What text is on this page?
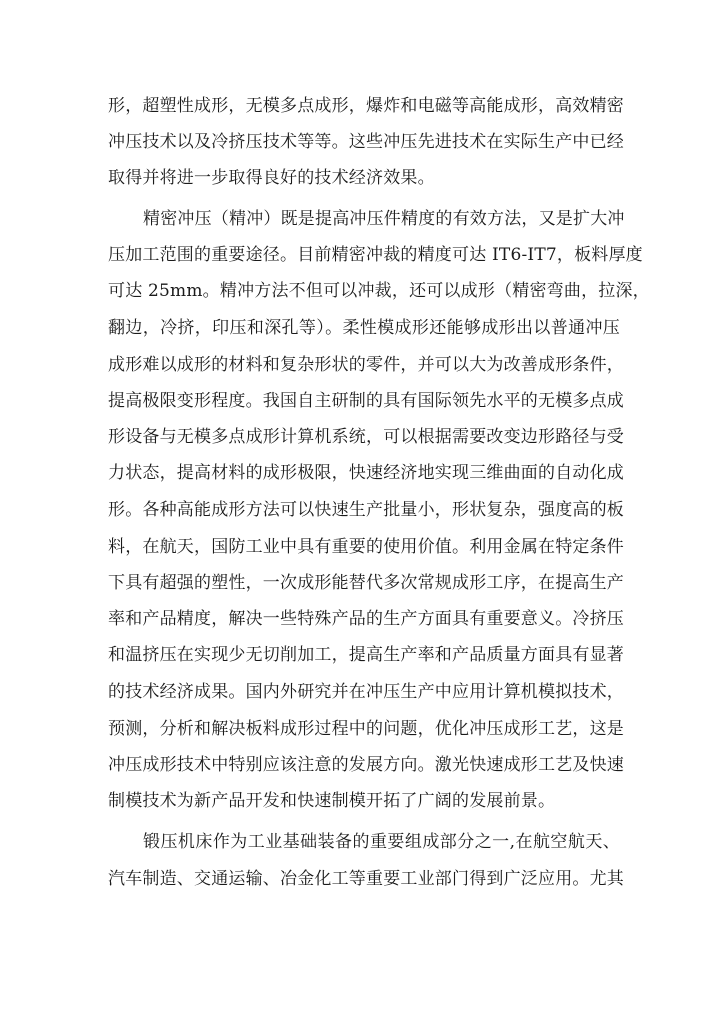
形，超塑性成形，无模多点成形，爆炸和电磁等高能成形，高效精密
冲压技术以及冷挤压技术等等。这些冲压先进技术在实际生产中已经
取得并将进一步取得良好的技术经济效果。
精密冲压（精冲）既是提高冲压件精度的有效方法，又是扩大冲
压加工范围的重要途径。目前精密冲裁的精度可达 IT6-IT7，板料厚度
可达 25mm。精冲方法不但可以冲裁，还可以成形（精密弯曲，拉深，
翻边，冷挤，印压和深孔等）。柔性模成形还能够成形出以普通冲压
成形难以成形的材料和复杂形状的零件，并可以大为改善成形条件，
提高极限变形程度。我国自主研制的具有国际领先水平的无模多点成
形设备与无模多点成形计算机系统，可以根据需要改变边形路径与受
力状态，提高材料的成形极限，快速经济地实现三维曲面的自动化成
形。各种高能成形方法可以快速生产批量小，形状复杂，强度高的板
料，在航天，国防工业中具有重要的使用价值。利用金属在特定条件
下具有超强的塑性，一次成形能替代多次常规成形工序，在提高生产
率和产品精度，解决一些特殊产品的生产方面具有重要意义。冷挤压
和温挤压在实现少无切削加工，提高生产率和产品质量方面具有显著
的技术经济成果。国内外研究并在冲压生产中应用计算机模拟技术，
预测，分析和解决板料成形过程中的问题，优化冲压成形工艺，这是
冲压成形技术中特别应该注意的发展方向。激光快速成形工艺及快速
制模技术为新产品开发和快速制模开拓了广阔的发展前景。
锻压机床作为工业基础装备的重要组成部分之一,在航空航天、
汽车制造、交通运输、冶金化工等重要工业部门得到广泛应用。尤其
